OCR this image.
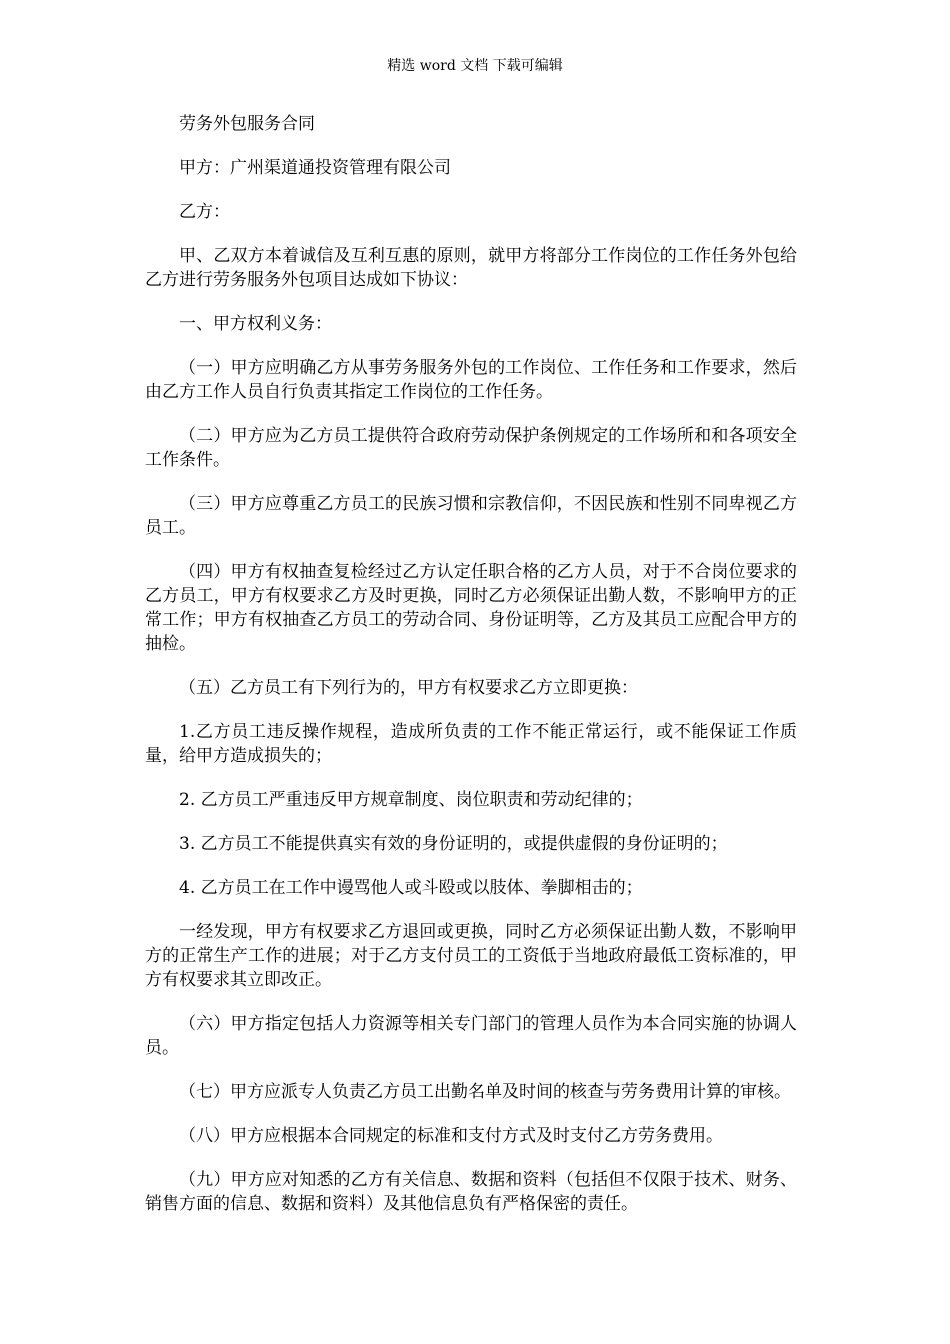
精选 word 文档 下载可编辑

劳务外包服务合同

甲方：广州渠道通投资管理有限公司

乙方：

甲、乙双方本着诚信及互利互惠的原则，就甲方将部分工作岗位的工作任务外包给乙方进行劳务服务外包项目达成如下协议：

一、甲方权利义务：

（一）甲方应明确乙方从事劳务服务外包的工作岗位、工作任务和工作要求，然后由乙方工作人员自行负责其指定工作岗位的工作任务。

（二）甲方应为乙方员工提供符合政府劳动保护条例规定的工作场所和和各项安全工作条件。

（三）甲方应尊重乙方员工的民族习惯和宗教信仰，不因民族和性别不同卑视乙方员工。

（四）甲方有权抽查复检经过乙方认定任职合格的乙方人员，对于不合岗位要求的乙方员工，甲方有权要求乙方及时更换，同时乙方必须保证出勤人数，不影响甲方的正常工作；甲方有权抽查乙方员工的劳动合同、身份证明等，乙方及其员工应配合甲方的抽检。

（五）乙方员工有下列行为的，甲方有权要求乙方立即更换：

1.乙方员工违反操作规程，造成所负责的工作不能正常运行，或不能保证工作质量，给甲方造成损失的；

2. 乙方员工严重违反甲方规章制度、岗位职责和劳动纪律的；

3. 乙方员工不能提供真实有效的身份证明的，或提供虚假的身份证明的；

4. 乙方员工在工作中谩骂他人或斗殴或以肢体、拳脚相击的；

一经发现，甲方有权要求乙方退回或更换，同时乙方必须保证出勤人数，不影响甲方的正常生产工作的进展；对于乙方支付员工的工资低于当地政府最低工资标准的，甲方有权要求其立即改正。

（六）甲方指定包括人力资源等相关专门部门的管理人员作为本合同实施的协调人员。

（七）甲方应派专人负责乙方员工出勤名单及时间的核查与劳务费用计算的审核。

（八）甲方应根据本合同规定的标准和支付方式及时支付乙方劳务费用。

（九）甲方应对知悉的乙方有关信息、数据和资料（包括但不仅限于技术、财务、销售方面的信息、数据和资料）及其他信息负有严格保密的责任。
